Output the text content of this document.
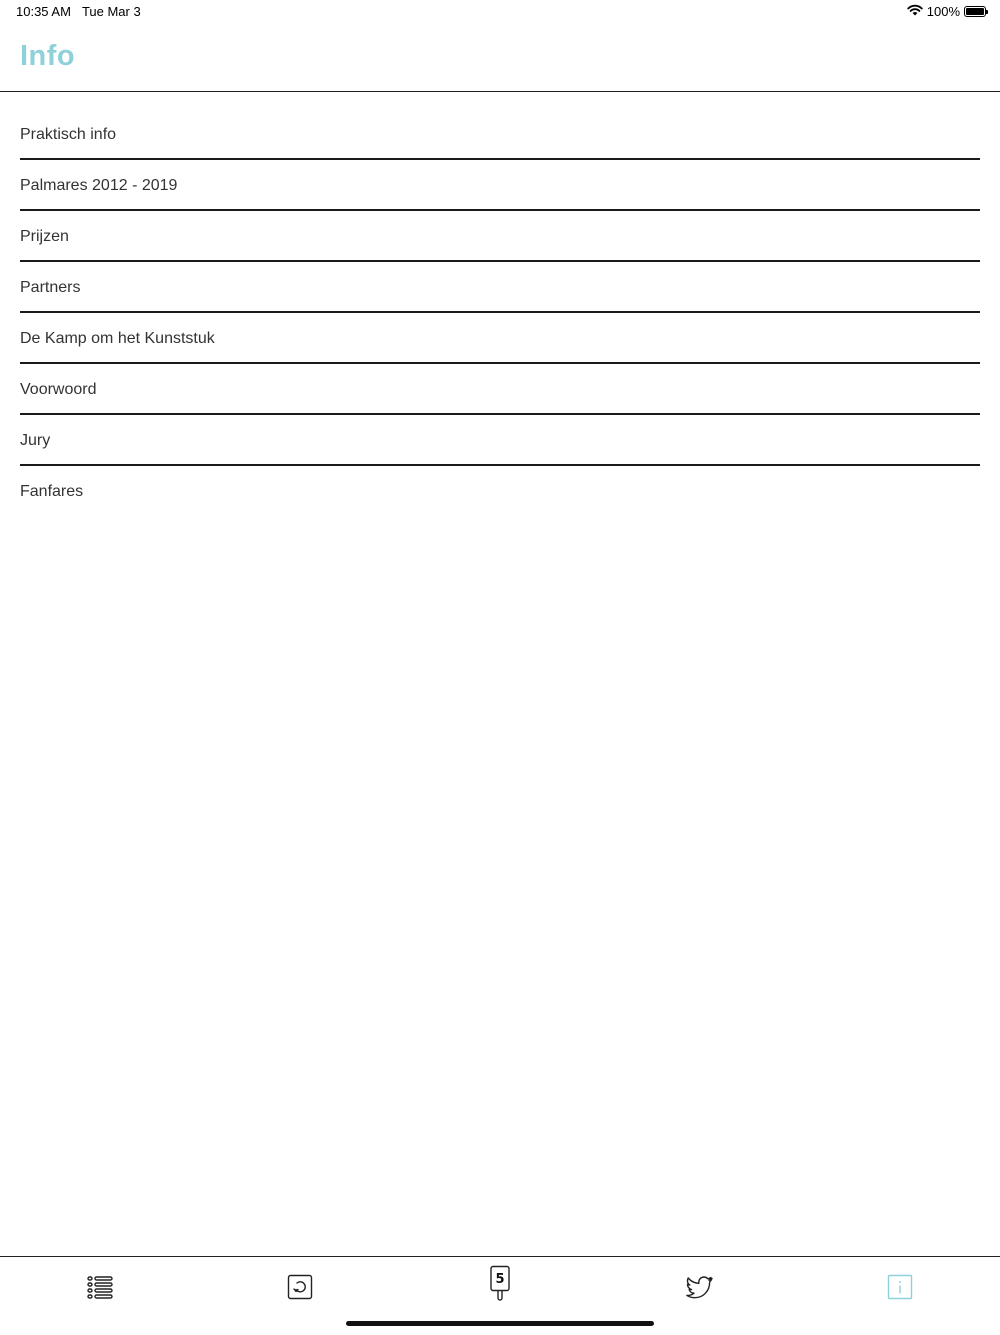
10:35 AM Tue Mar 3	100%
Info
Praktisch info
Palmares 2012 - 2019
Prijzen
Partners
De Kamp om het Kunststuk
Voorwoord
Jury
Fanfares
5
